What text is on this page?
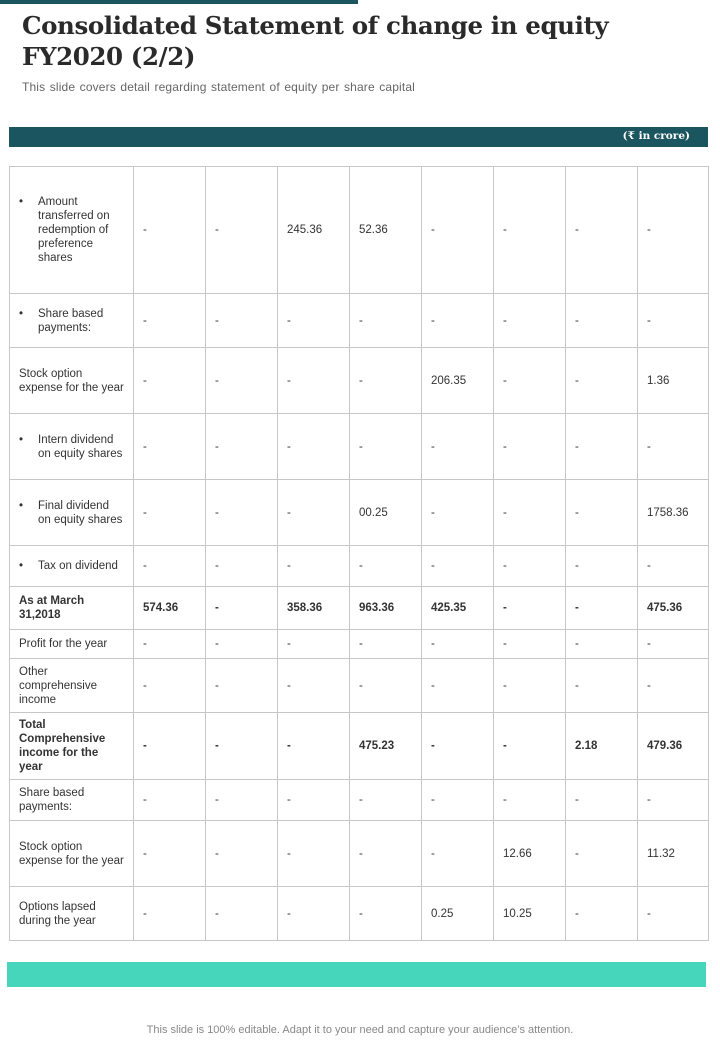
Consolidated Statement of change in equity FY2020 (2/2)
This slide covers detail regarding statement of equity per share capital
(₹ in crore)
• Amount transferred on redemption of preference shares	-	-	245.36	52.36	-	-	-	-

• Share based payments:	-	-	-	-	-	-	-	-
Stock option expense for the year	-	-	-	-	206.35	-	-	1.36

• Intern dividend on equity shares	-	-	-	-	-	-	-	-

• Final dividend on equity shares	-	-	-	00.25	-	-	-	1758.36

• Tax on dividend	-	-	-	-	-	-	-	-
As at March 31,2018	574.36	-	358.36	963.36	425.35	-	-	475.36
Profit for the year	-	-	-	-	-	-	-	-
Other comprehensive income	-	-	-	-	-	-	-	-
Total Comprehensive income for the year	-	-	-	475.23	-	-	2.18	479.36
Share based payments:	-	-	-	-	-	-	-	-
Stock option expense for the year	-	-	-	-	-	12.66	-	11.32
Options lapsed during the year	-	-	-	-	0.25	10.25	-	-
This slide is 100% editable. Adapt it to your need and capture your audience’s attention.
